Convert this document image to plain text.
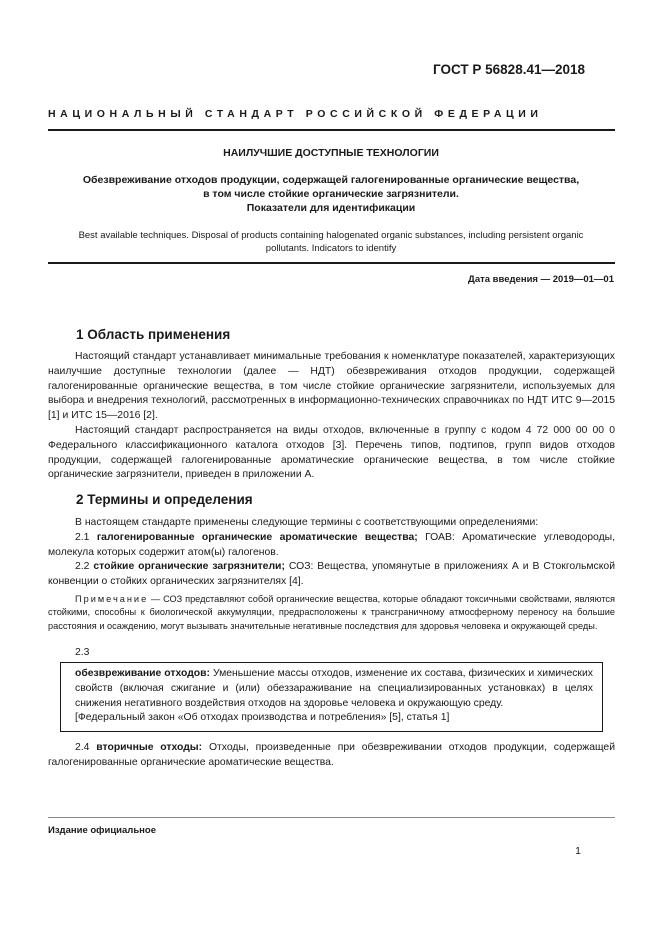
ГОСТ Р 56828.41—2018
НАЦИОНАЛЬНЫЙ СТАНДАРТ РОССИЙСКОЙ ФЕДЕРАЦИИ
НАИЛУЧШИЕ ДОСТУПНЫЕ ТЕХНОЛОГИИ
Обезвреживание отходов продукции, содержащей галогенированные органические вещества,
в том числе стойкие органические загрязнители.
Показатели для идентификации
Best available techniques. Disposal of products containing halogenated organic substances, including persistent organic
pollutants. Indicators to identify
Дата введения — 2019—01—01
1 Область применения

Настоящий стандарт устанавливает минимальные требования к номенклатуре показателей, характеризующих наилучшие доступные технологии (далее — НДТ) обезвреживания отходов продукции, содержащей галогенированные органические вещества, в том числе стойкие органические загрязнители, используемых для выбора и внедрения технологий, рассмотренных в информационно-технических справочниках по НДТ ИТС 9—2015 [1] и ИТС 15—2016 [2].

Настоящий стандарт распространяется на виды отходов, включенные в группу с кодом 4 72 000 00 00 0 Федерального классификационного каталога отходов [3]. Перечень типов, подтипов, групп видов отходов продукции, содержащей галогенированные ароматические органические вещества, в том числе стойкие органические загрязнители, приведен в приложении А.

2 Термины и определения

В настоящем стандарте применены следующие термины с соответствующими определениями:

2.1 галогенированные органические ароматические вещества; ГОАВ: Ароматические углеводороды, молекула которых содержит атом(ы) галогенов.

2.2 стойкие органические загрязнители; СОЗ: Вещества, упомянутые в приложениях А и В Стокгольмской конвенции о стойких органических загрязнителях [4].

Примечание — СОЗ представляют собой органические вещества, которые обладают токсичными свойствами, являются стойкими, способны к биологической аккумуляции, предрасположены к трансграничному атмосферному переносу на большие расстояния и осаждению, могут вызывать значительные негативные последствия для здоровья человека и окружающей среды.

2.3

обезвреживание отходов: Уменьшение массы отходов, изменение их состава, физических и химических свойств (включая сжигание и (или) обеззараживание на специализированных установках) в целях снижения негативного воздействия отходов на здоровье человека и окружающую среду.

[Федеральный закон «Об отходах производства и потребления» [5], статья 1]

2.4 вторичные отходы: Отходы, произведенные при обезвреживании отходов продукции, содержащей галогенированные органические ароматические вещества.

Издание официальное
1
